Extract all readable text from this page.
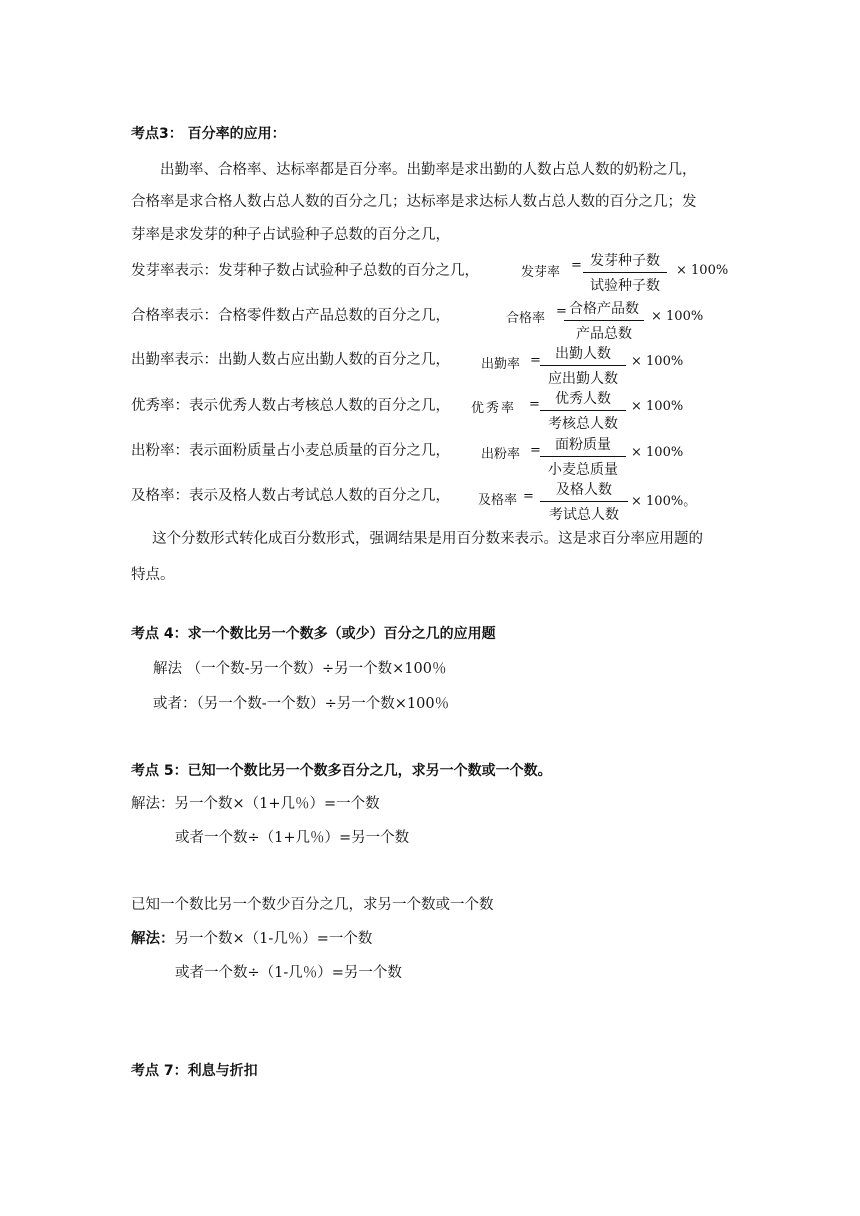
考点3： 百分率的应用：
出勤率、合格率、达标率都是百分率。出勤率是求出勤的人数占总人数的奶粉之几，
合格率是求合格人数占总人数的百分之几；达标率是求达标人数占总人数的百分之几；发
芽率是求发芽的种子占试验种子总数的百分之几，
发芽率表示：发芽种子数占试验种子总数的百分之几，	发芽率 = 发芽种子数
试验种子数
× 100%
合格率表示：合格零件数占产品总数的百分之几，	合格率 = 合格产品数
产品总数
× 100%
出勤率表示：出勤人数占应出勤人数的百分之几， 出勤率 =	出勤人数
应出勤人数
× 100%
优秀率：表示优秀人数占考核总人数的百分之几， 优秀率 =	优秀人数
考核总人数
× 100%
出粉率：表示面粉质量占小麦总质量的百分之几， 出粉率 =	面粉质量
小麦总质量
× 100%
及格率：表示及格人数占考试总人数的百分之几， 及格率 =	及格人数
考试总人数
× 100%。
这个分数形式转化成百分数形式，强调结果是用百分数来表示。这是求百分率应用题的
特点。
考点 4：求一个数比另一个数多（或少）百分之几的应用题
解法 （一个数-另一个数）÷另一个数×100％
或者：（另一个数-一个数）÷另一个数×100％
考点 5：已知一个数比另一个数多百分之几，求另一个数或一个数。
解法：另一个数×（1+几％）=一个数
或者一个数÷（1+几％）=另一个数
已知一个数比另一个数少百分之几，求另一个数或一个数
解法：另一个数×（1-几％）=一个数
或者一个数÷（1-几％）=另一个数
考点 7：利息与折扣
